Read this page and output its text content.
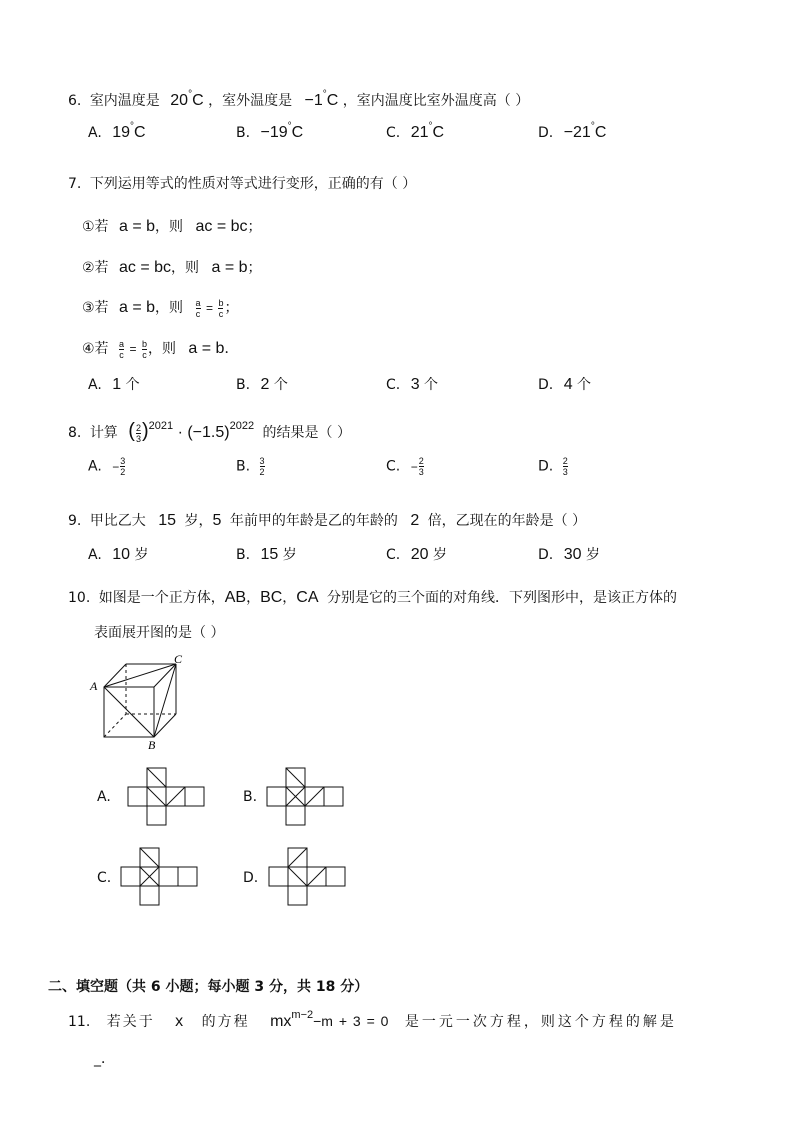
6. 室内温度是 20°C ，室外温度是 −1°C ，室内温度比室外温度高（ ）
A. 19°C	B. −19°C	C. 21°C	D. −21°C
7. 下列运用等式的性质对等式进行变形，正确的有（ ）
①若 a = b，则 ac = bc；
②若 ac = bc，则 a = b；
③若 a = b，则 $\frac{a}{c} = \frac{b}{c}$ ；
④若 $\frac{a}{c} = \frac{b}{c}$ ，则 a = b．
A. 1 个	B. 2 个	C. 3 个	D. 4 个
8. 计算 ( $\frac{2}{3} )^{2021} \cdot (-1.5)^{2022}$ 的结果是（ ）
A. − $\frac{3}{2}$	B. $\frac{3}{2}$	C. − $\frac{2}{3}$	D. $\frac{2}{3}$
9. 甲比乙大 15 岁，5 年前甲的年龄是乙的年龄的 2 倍，乙现在的年龄是（ ）
A. 10 岁	B. 15 岁	C. 20 岁	D. 30 岁
10. 如图是一个正方体，AB，BC，CA 分别是它的三个面的对角线．下列图形中，是该正方体的
表面展开图的是（ ）
A
B
C
A.	B.
C.	D.
二、填空题（共 6 小题；每小题 3 分，共 18 分）
11. 若关于 x 的方程 $mx^{m-2}-m + 3 = 0$ 是一元一次方程，则这个方程的解是
_．
